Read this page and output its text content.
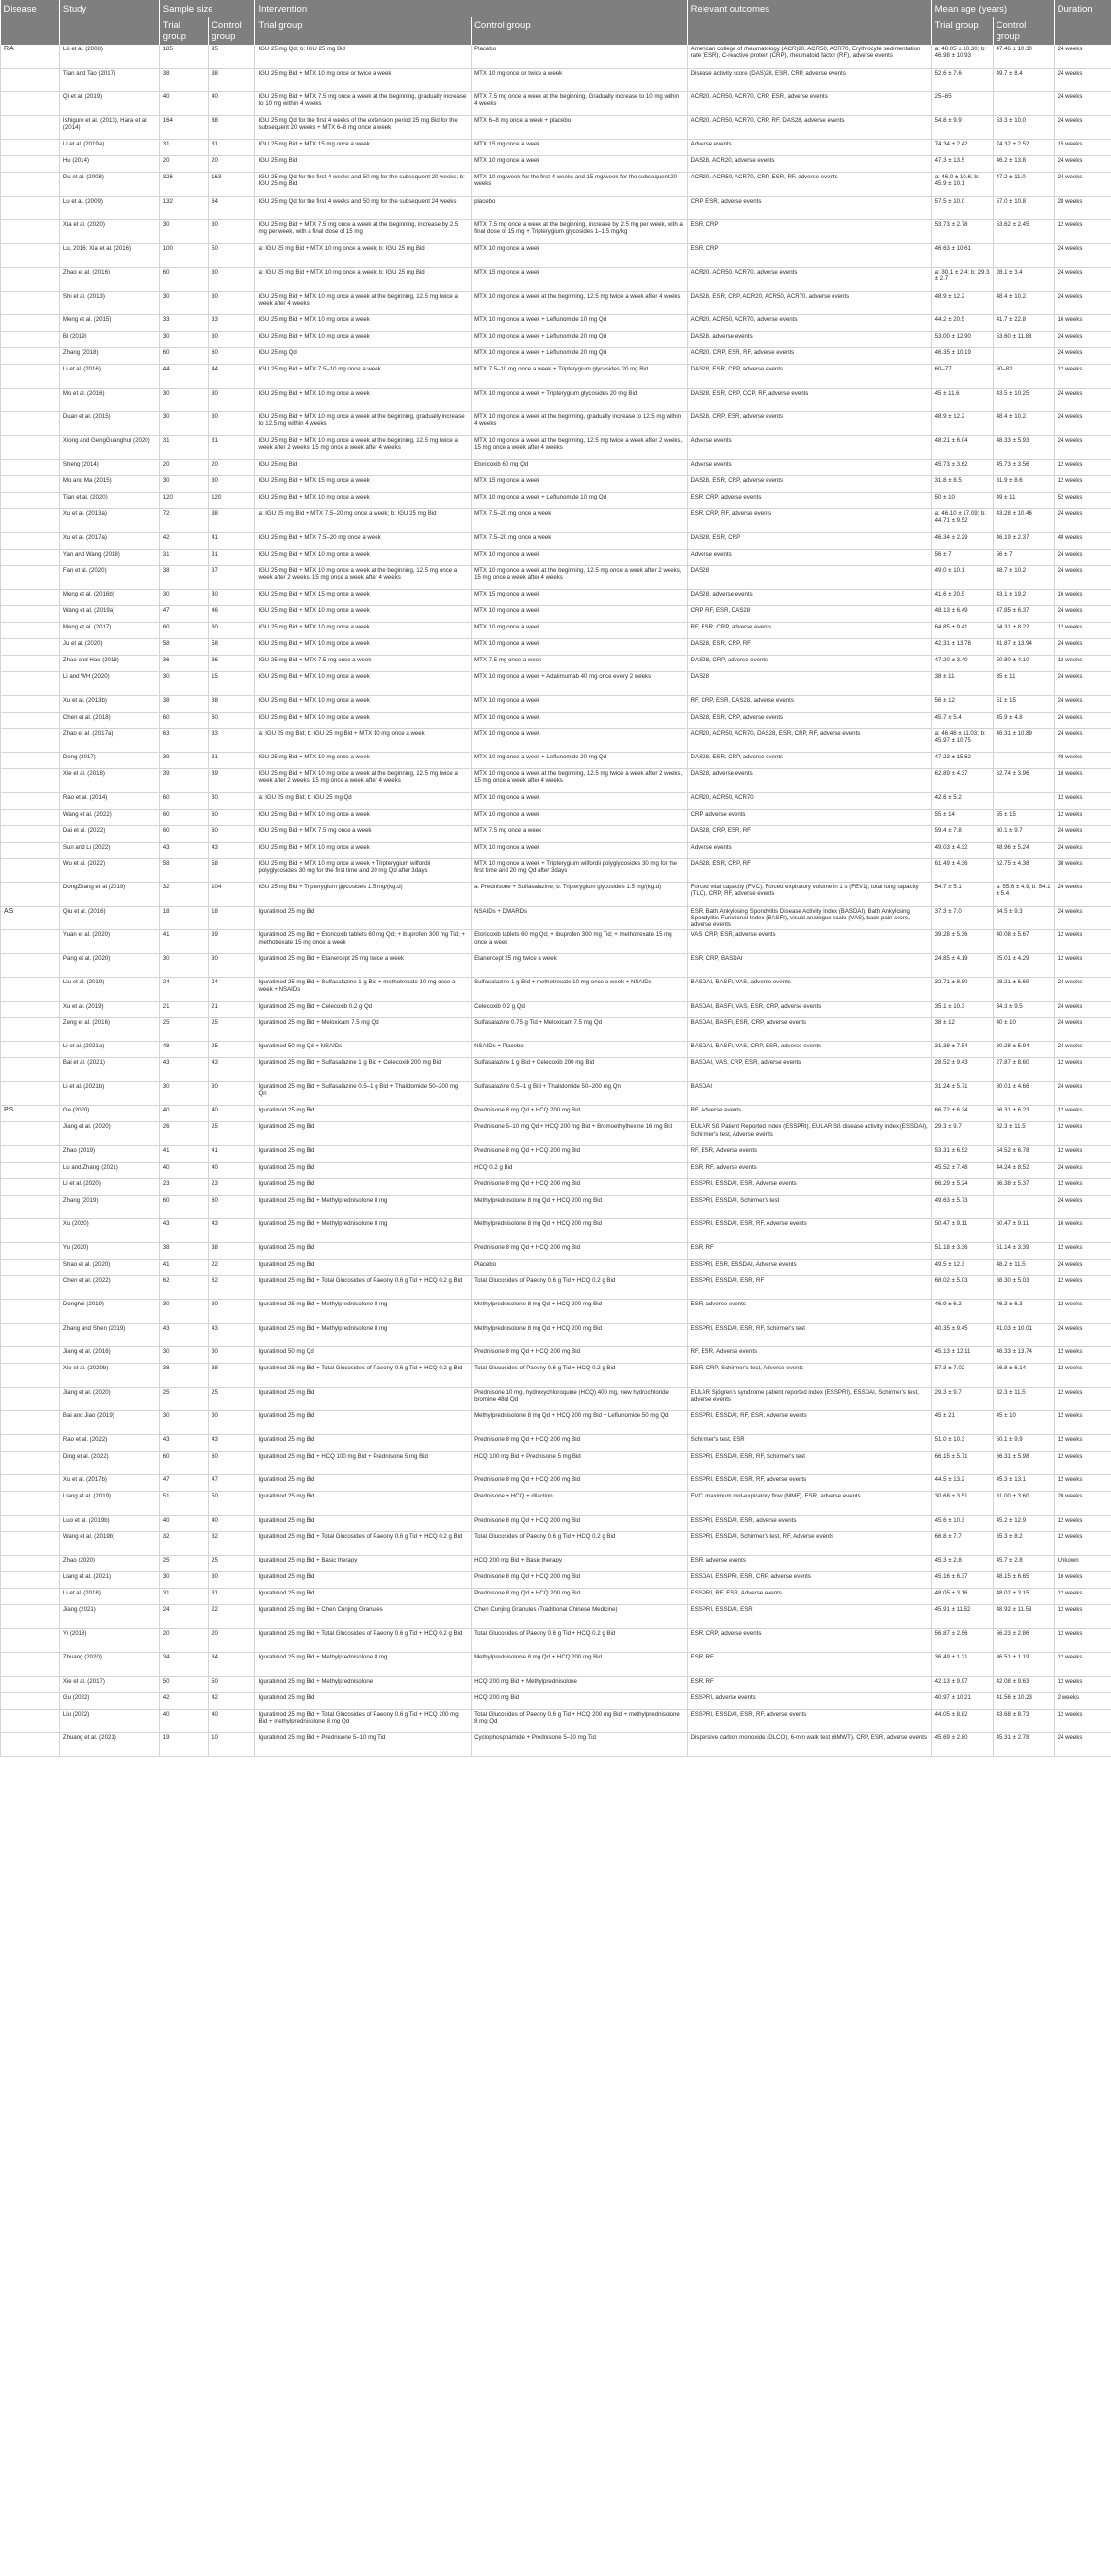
Disease	Study	Sample size		Intervention		Relevant outcomes	Mean age (years)		Duration
		Trial group	Control group	Trial group	Control group		Trial group	Control group	
RA	Lü et al. (2008)	185	95	IGU 25 mg Qd; b: IGU 25 mg Bid	Placebo	American college of rheumatology (ACR)20, ACR50, ACR70, Erythrocyte sedimentation rate (ESR), C-reactive protein (CRP), rheumatoid factor (RF), adverse events	a: 48.05 ± 10.30; b: 46.98 ± 10.93	47.46 ± 10.30	24 weeks
	Tian and Tao (2017)	38	38	IGU 25 mg Bid + MTX 10 mg once or twice a week	MTX 10 mg once or twice a week	Disease activity score (DAS)28, ESR, CRP, adverse events	52.6 ± 7.6	49.7 ± 8.4	24 weeks
	Qi et al. (2019)	40	40	IGU 25 mg Bid + MTX 7.5 mg once a week at the beginning, gradually increase to 10 mg within 4 weeks	MTX 7.5 mg once a week at the beginning, Gradually increase to 10 mg within 4 weeks	ACR20, ACR50, ACR70, CRP, ESR, adverse events	25–65		24 weeks
	Ishiguro et al. (2013), Hara et al. (2014)	164	88	IGU 25 mg Qd for the first 4 weeks of the extension period 25 mg Bid for the subsequent 20 weeks + MTX 6–8 mg once a week	MTX 6–8 mg once a week + placebo	ACR20, ACR50, ACR70, CRP, RF, DAS28, adverse events	54.8 ± 9.9	53.3 ± 10.0	24 weeks
	Li et al. (2019a)	31	31	IGU 25 mg Bid + MTX 15 mg once a week	MTX 15 mg once a week	Adverse events	74.34 ± 2.42	74.32 ± 2.52	15 weeks
	Hu (2014)	20	20	IGU 25 mg Bid	MTX 10 mg once a week	DAS28, ACR20, adverse events	47.3 ± 13.5	46.2 ± 13.8	24 weeks
	Du et al. (2008)	326	163	IGU 25 mg Qd for the first 4 weeks and 50 mg for the subsequent 20 weeks; b: IGU 25 mg Bid	MTX 10 mg/week for the first 4 weeks and 15 mg/week for the subsequent 20 weeks	ACR20, ACR50, ACR70, CRP, ESR, RF, adverse events	a: 46.0 ± 10.6; b: 45.9 ± 10.1	47.2 ± 11.0	24 weeks
	Lu et al. (2009)	132	64	IGU 25 mg Qd for the first 4 weeks and 50 mg for the subsequent 24 weeks	placebo	CRP, ESR, adverse events	57.5 ± 10.0	57.0 ± 10.8	28 weeks
	Xia et al. (2020)	30	30	IGU 25 mg Bid + MTX 7.5 mg once a week at the beginning, increase by 2.5 mg per week, with a final dose of 15 mg	MTX 7.5 mg once a week at the beginning, increase by 2.5 mg per week, with a final dose of 15 mg + Tripterygium glycosides 1–1.5 mg/kg	ESR, CRP	53.73 ± 2.78	53.62 ± 2.45	12 weeks
	Lu, 2016; Xia et al. (2016)	100	50	a: IGU 25 mg Bid + MTX 10 mg once a week; b: IGU 25 mg Bid	MTX 10 mg once a week	ESR, CRP	46.63 ± 10.61		24 weeks
	Zhao et al. (2016)	60	30	a: IGU 25 mg Bid + MTX 10 mg once a week; b: IGU 25 mg Bid	MTX 15 mg once a week	ACR20, ACR50, ACR70, adverse events	a: 30.1 ± 2.4; b: 29.3 ± 2.7	28.1 ± 3.4	24 weeks
	Shi et al. (2013)	30	30	IGU 25 mg Bid + MTX 10 mg once a week at the beginning, 12.5 mg twice a week after 4 weeks	MTX 10 mg once a week at the beginning, 12.5 mg twice a week after 4 weeks	DAS28, ESR, CRP, ACR20, ACR50, ACR70, adverse events	48.9 ± 12.2	48.4 ± 10.2	24 weeks
	Meng et al. (2015)	33	33	IGU 25 mg Bid + MTX 10 mg once a week	MTX 10 mg once a week + Leflunomide 10 mg Qd	ACR20, ACR50, ACR70, adverse events	44.2 ± 20.5	41.7 ± 22.8	16 weeks
	Bi (2019)	30	30	IGU 25 mg Bid + MTX 10 mg once a week	MTX 10 mg once a week + Leflunomide 20 mg Qd	DAS28, adverse events	53.00 ± 12.90	53.60 ± 11.88	24 weeks
	Zhang (2018)	60	60	IGU 25 mg Qd	MTX 10 mg once a week + Leflunomide 20 mg Qd	ACR20, CRP, ESR, RF, adverse events	46.35 ± 10.19		24 weeks
	Li et al. (2016)	44	44	IGU 25 mg Bid + MTX 7.5–10 mg once a week	MTX 7.5–10 mg once a week + Tripterygium glycosides 20 mg Bid	DAS28, ESR, CRP, adverse events	60–77	60–82	12 weeks
	Mo et al. (2016)	30	30	IGU 25 mg Bid + MTX 10 mg once a week	MTX 10 mg once a week + Tripterygium glycosides 20 mg Bid	DAS28, ESR, CRP, CCP, RF, adverse events	45 ± 11.6	43.5 ± 10.25	24 weeks
	Duan et al. (2015)	30	30	IGU 25 mg Bid + MTX 10 mg once a week at the beginning, gradually increase to 12.5 mg within 4 weeks	MTX 10 mg once a week at the beginning, gradually increase to 12.5 mg within 4 weeks	DAS28, CRP, ESR, adverse events	48.9 ± 12.2	48.4 ± 10.2	24 weeks
	Xiong and GengGuanghui (2020)	31	31	IGU 25 mg Bid + MTX 10 mg once a week at the beginning, 12.5 mg twice a week after 2 weeks, 15 mg once a week after 4 weeks	MTX 10 mg once a week at the beginning, 12.5 mg twice a week after 2 weeks, 15 mg once a week after 4 weeks	Adverse events	48.21 ± 6.04	48.33 ± 5.93	24 weeks
	Sheng (2014)	20	20	IGU 25 mg Bid	Etoricoxib 60 mg Qd	Adverse events	45.73 ± 3.62	45.73 ± 3.56	12 weeks
	Mo and Ma (2015)	30	30	IGU 25 mg Bid + MTX 15 mg once a week	MTX 15 mg once a week	DAS28, ESR, CRP, adverse events	31.8 ± 8.5	31.9 ± 8.6	12 weeks
	Tian et al. (2020)	120	120	IGU 25 mg Bid + MTX 10 mg once a week	MTX 10 mg once a week + Leflunomide 10 mg Qd	ESR, CRP, adverse events	50 ± 10	49 ± 11	52 weeks
	Xu et al. (2013a)	72	38	a: IGU 25 mg Bid + MTX 7.5–20 mg once a week; b: IGU 25 mg Bid	MTX 7.5–20 mg once a week	ESR, CRP, RF, adverse events	a: 46.10 ± 17.09; b: 44.71 ± 9.52	43.28 ± 10.46	24 weeks
	Xu et al. (2017a)	42	41	IGU 25 mg Bid + MTX 7.5–20 mg once a week	MTX 7.5–20 mg once a week	DAS28, ESR, CRP	46.34 ± 2.29	46.19 ± 2.37	48 weeks
	Yan and Wang (2018)	31	31	IGU 25 mg Bid + MTX 10 mg once a week	MTX 10 mg once a week	Adverse events	56 ± 7	56 ± 7	24 weeks
	Fan et al. (2020)	38	37	IGU 25 mg Bid + MTX 10 mg once a week at the beginning, 12.5 mg once a week after 2 weeks, 15 mg once a week after 4 weeks	MTX 10 mg once a week at the beginning, 12.5 mg once a week after 2 weeks, 15 mg once a week after 4 weeks	DAS28	49.0 ± 10.1	48.7 ± 10.2	24 weeks
	Meng et al. (2016b)	30	30	IGU 25 mg Bid + MTX 15 mg once a week	MTX 15 mg once a week	DAS28, adverse events	41.6 ± 20.5	43.1 ± 19.2	16 weeks
	Wang et al. (2019a)	47	46	IGU 25 mg Bid + MTX 10 mg once a week	MTX 10 mg once a week	CRP, RF, ESR, DAS28	48.13 ± 6.49	47.85 ± 6.37	24 weeks
	Meng et al. (2017)	60	60	IGU 25 mg Bid + MTX 10 mg once a week	MTX 10 mg once a week	RF, ESR, CRP, adverse events	64.85 ± 9.41	64.31 ± 8.22	12 weeks
	Ju et al. (2020)	58	58	IGU 25 mg Bid + MTX 10 mg once a week	MTX 10 mg once a week	DAS28, ESR, CRP, RF	42.31 ± 13.78	41.87 ± 13.94	24 weeks
	Zhao and Hao (2018)	36	36	IGU 25 mg Bid + MTX 7.5 mg once a week	MTX 7.5 mg once a week	DAS28, CRP, adverse events	47.20 ± 3.40	50.80 ± 4.10	12 weeks
	Li and WH (2020)	30	15	IGU 25 mg Bid + MTX 10 mg once a week	MTX 10 mg once a week + Adalimumab 40 mg once every 2 weeks	DAS28	38 ± 11	35 ± 11	24 weeks
	Xu et al. (2013b)	38	38	IGU 25 mg Bid + MTX 10 mg once a week	MTX 10 mg once a week	RF, CRP, ESR, DAS28, adverse events	56 ± 12	51 ± 15	24 weeks
	Chen et al. (2018)	60	60	IGU 25 mg Bid + MTX 10 mg once a week	MTX 10 mg once a week	DAS28, ESR, CRP, adverse events	45.7 ± 5.4	45.9 ± 4.8	24 weeks
	Zhao et al. (2017a)	63	33	a: IGU 25 mg Bid; b: IGU 25 mg Bid + MTX 10 mg once a week	MTX 10 mg once a week	ACR20, ACR50, ACR70, DAS28, ESR, CRP, RF, adverse events	a: 46.46 ± 11.03; b: 45.97 ± 10.75	46.31 ± 10.89	24 weeks
	Deng (2017)	39	31	IGU 25 mg Bid + MTX 10 mg once a week	MTX 10 mg once a week + Leflunomide 20 mg Qd	DAS28, ESR, CRP, adverse events	47.23 ± 15.62		48 weeks
	Xie et al. (2018)	39	39	IGU 25 mg Bid + MTX 10 mg once a week at the beginning, 12.5 mg twice a week after 2 weeks, 15 mg once a week after 4 weeks	MTX 10 mg once a week at the beginning, 12.5 mg twice a week after 2 weeks, 15 mg once a week after 4 weeks	DAS28, adverse events	62.89 ± 4.37	62.74 ± 3.96	16 weeks
	Rao et al. (2014)	60	30	a: IGU 25 mg Bid; b: IGU 25 mg Qd	MTX 10 mg once a week	ACR20, ACR50, ACR70	42.6 ± 5.2		12 weeks
	Wang et al. (2022)	60	60	IGU 25 mg Bid + MTX 10 mg once a week	MTX 10 mg once a week	CRP, adverse events	55 ± 14	55 ± 15	12 weeks
	Dai et al. (2022)	60	60	IGU 25 mg Bid + MTX 7.5 mg once a week	MTX 7.5 mg once a week	DAS28, CRP, ESR, RF	59.4 ± 7.8	60.1 ± 9.7	24 weeks
	Sun and Li (2022)	43	43	IGU 25 mg Bid + MTX 10 mg once a week	MTX 10 mg once a week	Adverse events	49.03 ± 4.32	48.96 ± 5.24	24 weeks
	Wu et al. (2022)	58	58	IGU 25 mg Bid + MTX 10 mg once a week + Tripterygium wilfordii polyglycosides 30 mg for the first time and 20 mg Qd after 3days	MTX 10 mg once a week + Tripterygium wilfordii polyglycosides 30 mg for the first time and 20 mg Qd after 3days	DAS28, ESR, CRP, RF	61.49 ± 4.36	62.75 ± 4.38	38 weeks
	DongZhang et al (2019)	32	104	IGU 25 mg Bid + Tripterygium glycosides 1.5 mg/(kg.d)	a: Prednisone + Sulfasalazine; b: Tripterygium glycosides 1.5 mg/(kg.d)	Forced vital capacity (FVC), Forced expiratory volume in 1 s (FEV1), total lung capacity (TLC), CRP, RF, adverse events	54.7 ± 5.1	a: 55.6 ± 4.9; b: 54.1 ± 5.4	24 weeks
AS	Qiu et al. (2016)	18	18	Iguratimod 25 mg Bid	NSAIDs + DMARDs	ESR, Bath Ankylosing Spondylitis Disease Activity Index (BASDAI), Bath Ankylosing Spondylitis Functional Index (BASFI), visual analogue scale (VAS), back pain score, adverse events	37.3 ± 7.0	34.5 ± 9.3	24 weeks
	Yuan et al. (2020)	41	39	Iguratimod 25 mg Bid + Etoricoxib tablets 60 mg Qd; + ibuprofen 300 mg Tid; + methotrexate 15 mg once a week	Etoricoxib tablets 60 mg Qd; + ibuprofen 300 mg Tid; + methotrexate 15 mg once a week	VAS, CRP, ESR, adverse events	39.28 ± 5.36	40.08 ± 5.67	12 weeks
	Pang et al. (2020)	30	30	Iguratimod 25 mg Bid + Etanercept 25 mg twice a week	Etanercept 25 mg twice a week	ESR, CRP, BASDAI	24.85 ± 4.19	25.01 ± 4.29	12 weeks
	Liu et al. (2019)	24	24	Iguratimod 25 mg Bid + Sulfasalazine 1 g Bid + methotrexate 10 mg once a week + NSAIDs	Sulfasalazine 1 g Bid + methotrexate 10 mg once a week + NSAIDs	BASDAI, BASFI, VAS, adverse events	32.71 ± 8.80	28.21 ± 6.69	24 weeks
	Xu et al. (2019)	21	21	Iguratimod 25 mg Bid + Celecoxib 0.2 g Qd	Celecoxib 0.2 g Qd	BASDAI, BASFI, VAS, ESR, CRP, adverse events	35.1 ± 10.3	34.3 ± 9.5	24 weeks
	Zeng et al. (2016)	25	25	Iguratimod 25 mg Bid + Meloxicam 7.5 mg Qd	Sulfasalazine 0.75 g Tid + Meloxicam 7.5 mg Qd	BASDAI, BASFI, ESR, CRP, adverse events	38 ± 12	40 ± 10	24 weeks
	Li et al. (2021a)	48	25	Iguratimod 50 mg Qd + NSAIDs	NSAIDs + Placebo	BASDAI, BASFI, VAS, CRP, ESR, adverse events	31.38 ± 7.54	30.28 ± 5.94	24 weeks
	Bai et al. (2021)	43	43	Iguratimod 25 mg Bid + Sulfasalazine 1 g Bid + Celecoxib 200 mg Bid	Sulfasalazine 1 g Bid + Celecoxib 200 mg Bid	BASDAI, VAS, CRP, ESR, adverse events	28.52 ± 9.43	27.87 ± 8.60	12 weeks
	Li et al. (2021b)	30	30	Iguratimod 25 mg Bid + Sulfasalazine 0.5–1 g Bid + Thalidomide 50–200 mg Qn	Sulfasalazine 0.5–1 g Bid + Thalidomide 50–200 mg Qn	BASDAI	31.24 ± 5.71	30.01 ± 4.66	24 weeks
PS	Ge (2020)	40	40	Iguratimod 25 mg Bid	Prednisone 8 mg Qd + HCQ 200 mg Bid	RF, Adverse events	66.72 ± 6.34	66.31 ± 6.23	12 weeks
	Jiang et al. (2020)	26	25	Iguratimod 25 mg Bid	Prednisone 5–10 mg Qd + HCQ 200 mg Bid + Bromoethylhexine 16 mg Bid	EULAR Sß Patient Reported Index (ESSPRI), EULAR Sß disease activity index (ESSDAI), Schirmer's test, Adverse events	29.3 ± 9.7	32.3 ± 11.5	12 weeks
	Zhao (2019)	41	41	Iguratimod 25 mg Bid	Prednisone 8 mg Qd + HCQ 200 mg Bid	RF, ESR, Adverse events	53.31 ± 6.52	54.52 ± 6.78	12 weeks
	Lu and Zhang (2021)	40	40	Iguratimod 25 mg Bid	HCQ 0.2 g Bid	ESR, RF, adverse events	45.52 ± 7.48	44.24 ± 8.52	24 weeks
	Li et al. (2020)	23	23	Iguratimod 25 mg Bid	Prednisone 8 mg Qd + HCQ 200 mg Bid	ESSPRI, ESSDAI, ESR, Adverse events	66.29 ± 5.24	66.38 ± 5.37	12 weeks
	Zhang (2019)	60	60	Iguratimod 25 mg Bid + Methylprednisolone 8 mg	Methylprednisolone 8 mg Qd + HCQ 200 mg Bid	ESSPRI, ESSDAI, Schirmer's test	49.63 ± 5.73		24 weeks
	Xu (2020)	43	43	Iguratimod 25 mg Bid + Methylprednisolone 8 mg	Methylprednisolone 8 mg Qd + HCQ 200 mg Bid	ESSPRI, ESSDAI, ESR, RF, Adverse events	50.47 ± 9.11	50.47 ± 9.11	16 weeks
	Yu (2020)	38	38	Iguratimod 25 mg Bid	Prednisone 8 mg Qd + HCQ 200 mg Bid	ESR, RF	51.18 ± 3.36	51.14 ± 3.39	12 weeks
	Shao et al. (2020)	41	22	Iguratimod 25 mg Bid	Placebo	ESSPRI, ESR, ESSDAI, Adverse events	49.5 ± 12.3	48.2 ± 11.5	24 weeks
	Chen et al. (2022)	62	62	Iguratimod 25 mg Bid + Total Glucosides of Paeony 0.6 g Tid + HCQ 0.2 g Bid	Total Glucosides of Paeony 0.6 g Tid + HCQ 0.2 g Bid	ESSPRI, ESSDAI, ESR, RF	68.02 ± 5.03	68.30 ± 5.03	12 weeks
	Donghui (2019)	30	30	Iguratimod 25 mg Bid + Methylprednisolone 8 mg	Methylprednisolone 8 mg Qd + HCQ 200 mg Bid	ESR, adverse events	46.9 ± 6.2	46.3 ± 6.3	12 weeks
	Zhang and Shen (2019)	43	43	Iguratimod 25 mg Bid + Methylprednisolone 8 mg	Methylprednisolone 8 mg Qd + HCQ 200 mg Bid	ESSPRI, ESSDAI, ESR, RF, Schirmer's test	40.35 ± 9.45	41.03 ± 10.01	24 weeks
	Jiang et al. (2016)	30	30	Iguratimod 50 mg Qd	Prednisone 8 mg Qd + HCQ 200 mg Bid	RF, ESR, Adverse events	45.13 ± 12.11	46.33 ± 13.74	12 weeks
	Xie et al. (2020b)	38	38	Iguratimod 25 mg Bid + Total Glucosides of Paeony 0.6 g Tid + HCQ 0.2 g Bid	Total Glucosides of Paeony 0.6 g Tid + HCQ 0.2 g Bid	ESR, CRP, Schirmer's test, Adverse events	57.3 ± 7.02	56.8 ± 6.14	12 weeks
	Jiang et al. (2020)	25	25	Iguratimod 25 mg Bid	Prednisone 10 mg, hydroxychloroquine (HCQ) 400 mg, new hydrochloride bromine 48ql Qd	EULAR Sjögren's syndrome patient reported index (ESSPRI), ESSDAI, Schirmer's test, adverse events	29.3 ± 9.7	32.3 ± 11.5	12 weeks
	Bai and Jiao (2019)	30	30	Iguratimod 25 mg Bid	Methylprednisolone 8 mg Qd + HCQ 200 mg Bid + Leflunomide 50 mg Qd	ESSPRI, ESSDAI, RF, ESR, Adverse events	45 ± 21	45 ± 10	12 weeks
	Rao et al. (2022)	43	43	Iguratimod 25 mg Bid	Prednisone 8 mg Qd + HCQ 200 mg Bid	Schirmer's test, ESR	51.0 ± 10.3	50.1 ± 9.9	12 weeks
	Ding et al. (2022)	60	60	Iguratimod 25 mg Bid + HCQ 100 mg Bid + Prednisone 5 mg Bid	HCQ 100 mg Bid + Prednisone 5 mg Bid	ESSPRI, ESSDAI, ESR, RF, Schirmer's test	66.15 ± 5.71	66.31 ± 5.98	12 weeks
	Xu et al. (2017b)	47	47	Iguratimod 25 mg Bid	Prednisone 8 mg Qd + HCQ 200 mg Bid	ESSPRI, ESSDAI, ESR, RF, adverse events	44.5 ± 13.2	45.3 ± 13.1	12 weeks
	Liang et al. (2019)	51	50	Iguratimod 25 mg Bid	Prednisone + HCQ + dilaction	FVC, maximum mid-expiratory flow (MMF), ESR, adverse events	30.68 ± 3.51	31.00 ± 3.60	20 weeks
	Luo et al. (2019b)	40	40	Iguratimod 25 mg Bid	Prednisone 8 mg Qd + HCQ 200 mg Bid	ESSPRI, ESSDAI, ESR, adverse events	45.6 ± 10.3	45.2 ± 12.9	12 weeks
	Wang et al. (2019b)	32	32	Iguratimod 25 mg Bid + Total Glucosides of Paeony 0.6 g Tid + HCQ 0.2 g Bid	Total Glucosides of Paeony 0.6 g Tid + HCQ 0.2 g Bid	ESSPRI, ESSDAI, Schirmer's test, RF, Adverse events	66.8 ± 7.7	65.3 ± 8.2	12 weeks
	Zhao (2020)	25	25	Iguratimod 25 mg Bid + Basic therapy	HCQ 200 mg Bid + Basic therapy	ESR, adverse events	45.3 ± 2.8	45.7 ± 2.8	Unkown
	Liang et al. (2021)	30	30	Iguratimod 25 mg Bid	Prednisone 8 mg Qd + HCQ 200 mg Bid	ESSDAI, ESSPRI, ESR, CRP, adverse events	45.16 ± 6.37	48.15 ± 6.65	16 weeks
	Li et al. (2018)	31	31	Iguratimod 25 mg Bid	Prednisone 8 mg Qd + HCQ 200 mg Bid	ESSPRI, RF, ESR, Adverse events	48.05 ± 3.16	48.02 ± 3.15	12 weeks
	Jiang (2021)	24	22	Iguratimod 25 mg Bid + Chen Cunjing Granules	Chen Cunjing Granules (Traditional Chinese Medicine)	ESSPRI, ESSDAI, ESR	45.91 ± 11.52	48.92 ± 11.53	12 weeks
	Yi (2018)	20	20	Iguratimod 25 mg Bid + Total Glucosides of Paeony 0.6 g Tid + HCQ 0.2 g Bid	Total Glucosides of Paeony 0.6 g Tid + HCQ 0.2 g Bid	ESR, CRP, adverse events	56.87 ± 2.56	56.23 ± 2.86	12 weeks
	Zhuang (2020)	34	34	Iguratimod 25 mg Bid + Methylprednisolone 8 mg	Methylprednisolone 8 mg Qd + HCQ 200 mg Bid	ESR, RF	36.49 ± 1.21	36.51 ± 1.19	12 weeks
	Xie et al. (2017)	50	50	Iguratimod 25 mg Bid + Methylprednisolone	HCQ 200 mg Bid + Methylprednisolone	ESR, RF	42.13 ± 9.97	42.08 ± 9.63	12 weeks
	Gu (2022)	42	42	Iguratimod 25 mg Bid	HCQ 200 mg Bid	ESSPRI, adverse events	40.97 ± 10.21	41.56 ± 10.23	2 weeks
	Liu (2022)	40	40	Iguratimod 25 mg Bid + Total Glucosides of Paeony 0.6 g Tid + HCQ 200 mg Bid + methylprednisolone 8 mg Qd	Total Glucosides of Paeony 0.6 g Tid + HCQ 200 mg Bid + methylprednisolone 8 mg Qd	ESSPRI, ESSDAI, ESR, RF, adverse events	44.05 ± 8.82	43.68 ± 8.73	12 weeks
	Zhuang et al. (2021)	19	10	Iguratimod 25 mg Bid + Prednisone 5–10 mg Tid	Cyclophosphamide + Prednisone 5–10 mg Tid	Dispersive carbon monoxide (DLCO), 6-min walk test (6MWT), CRP, ESR, adverse events	45.69 ± 2.80	45.31 ± 2.78	24 weeks
